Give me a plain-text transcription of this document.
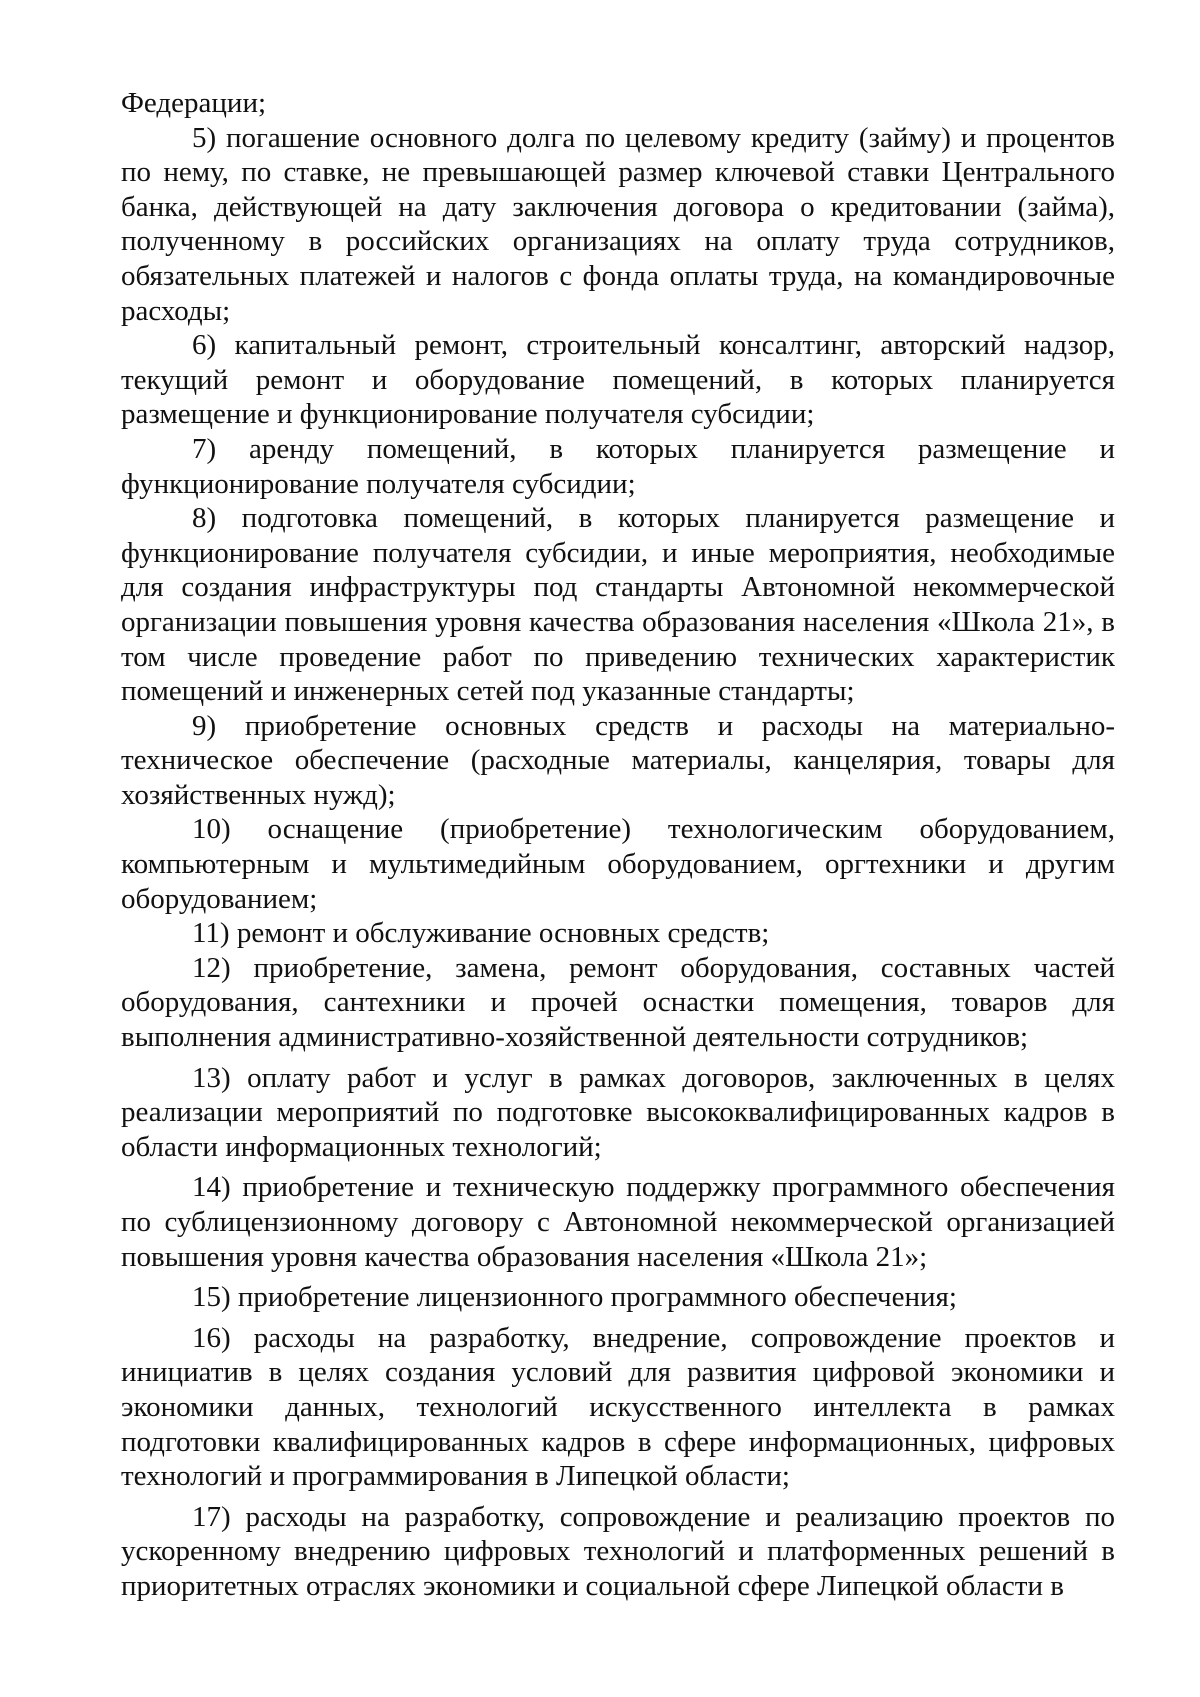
Федерации;

5) погашение основного долга по целевому кредиту (займу) и процентов по нему, по ставке, не превышающей размер ключевой ставки Центрального банка, действующей на дату заключения договора о кредитовании (займа), полученному в российских организациях на оплату труда сотрудников, обязательных платежей и налогов с фонда оплаты труда, на командировочные расходы;

6) капитальный ремонт, строительный консалтинг, авторский надзор, текущий ремонт и оборудование помещений, в которых планируется размещение и функционирование получателя субсидии;

7) аренду помещений, в которых планируется размещение и функционирование получателя субсидии;

8) подготовка помещений, в которых планируется размещение и функционирование получателя субсидии, и иные мероприятия, необходимые для создания инфраструктуры под стандарты Автономной некоммерческой организации повышения уровня качества образования населения «Школа 21», в том числе проведение работ по приведению технических характеристик помещений и инженерных сетей под указанные стандарты;

9) приобретение основных средств и расходы на материально-техническое обеспечение (расходные материалы, канцелярия, товары для хозяйственных нужд);

10) оснащение (приобретение) технологическим оборудованием, компьютерным и мультимедийным оборудованием, оргтехники и другим оборудованием;

11) ремонт и обслуживание основных средств;

12) приобретение, замена, ремонт оборудования, составных частей оборудования, сантехники и прочей оснастки помещения, товаров для выполнения административно-хозяйственной деятельности сотрудников;

13) оплату работ и услуг в рамках договоров, заключенных в целях реализации мероприятий по подготовке высококвалифицированных кадров в области информационных технологий;

14) приобретение и техническую поддержку программного обеспечения по сублицензионному договору с Автономной некоммерческой организацией повышения уровня качества образования населения «Школа 21»;

15) приобретение лицензионного программного обеспечения;

16) расходы на разработку, внедрение, сопровождение проектов и инициатив в целях создания условий для развития цифровой экономики и экономики данных, технологий искусственного интеллекта в рамках подготовки квалифицированных кадров в сфере информационных, цифровых технологий и программирования в Липецкой области;

17) расходы на разработку, сопровождение и реализацию проектов по ускоренному внедрению цифровых технологий и платформенных решений в приоритетных отраслях экономики и социальной сфере Липецкой области в
